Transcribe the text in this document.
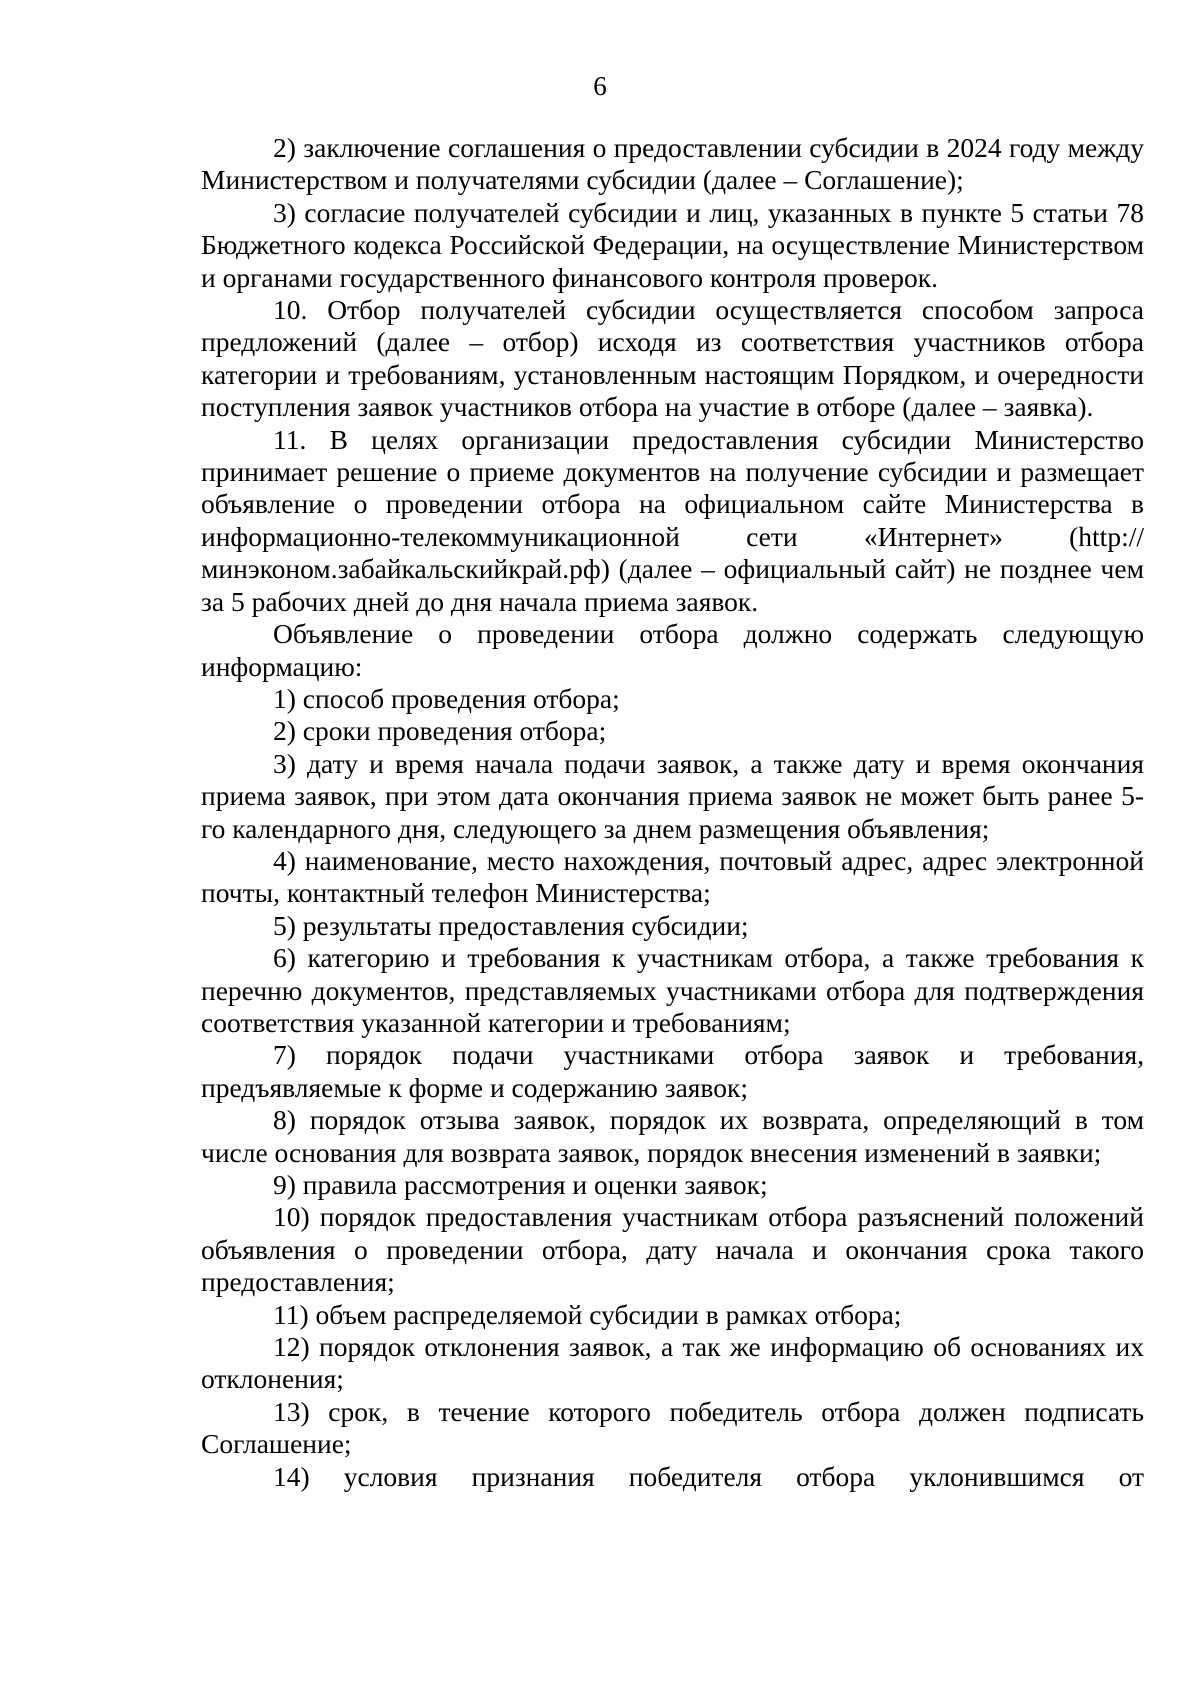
6

2) заключение соглашения о предоставлении субсидии в 2024 году между Министерством и получателями субсидии (далее – Соглашение);

3) согласие получателей субсидии и лиц, указанных в пункте 5 статьи 78 Бюджетного кодекса Российской Федерации, на осуществление Министерством и органами государственного финансового контроля проверок.

10. Отбор получателей субсидии осуществляется способом запроса предложений (далее – отбор) исходя из соответствия участников отбора категории и требованиям, установленным настоящим Порядком, и очередности поступления заявок участников отбора на участие в отборе (далее – заявка).

11. В целях организации предоставления субсидии Министерство принимает решение о приеме документов на получение субсидии и размещает объявление о проведении отбора на официальном сайте Министерства в информационно-телекоммуникационной сети «Интернет» (http://минэконом.забайкальскийкрай.рф) (далее – официальный сайт) не позднее чем за 5 рабочих дней до дня начала приема заявок.

Объявление о проведении отбора должно содержать следующую информацию:

1) способ проведения отбора;

2) сроки проведения отбора;

3) дату и время начала подачи заявок, а также дату и время окончания приема заявок, при этом дата окончания приема заявок не может быть ранее 5-го календарного дня, следующего за днем размещения объявления;

4) наименование, место нахождения, почтовый адрес, адрес электронной почты, контактный телефон Министерства;

5) результаты предоставления субсидии;

6) категорию и требования к участникам отбора, а также требования к перечню документов, представляемых участниками отбора для подтверждения соответствия указанной категории и требованиям;

7) порядок подачи участниками отбора заявок и требования, предъявляемые к форме и содержанию заявок;

8) порядок отзыва заявок, порядок их возврата, определяющий в том числе основания для возврата заявок, порядок внесения изменений в заявки;

9) правила рассмотрения и оценки заявок;

10) порядок предоставления участникам отбора разъяснений положений объявления о проведении отбора, дату начала и окончания срока такого предоставления;

11) объем распределяемой субсидии в рамках отбора;

12) порядок отклонения заявок, а так же информацию об основаниях их отклонения;

13) срок, в течение которого победитель отбора должен подписать Соглашение;

14) условия признания победителя отбора уклонившимся от
